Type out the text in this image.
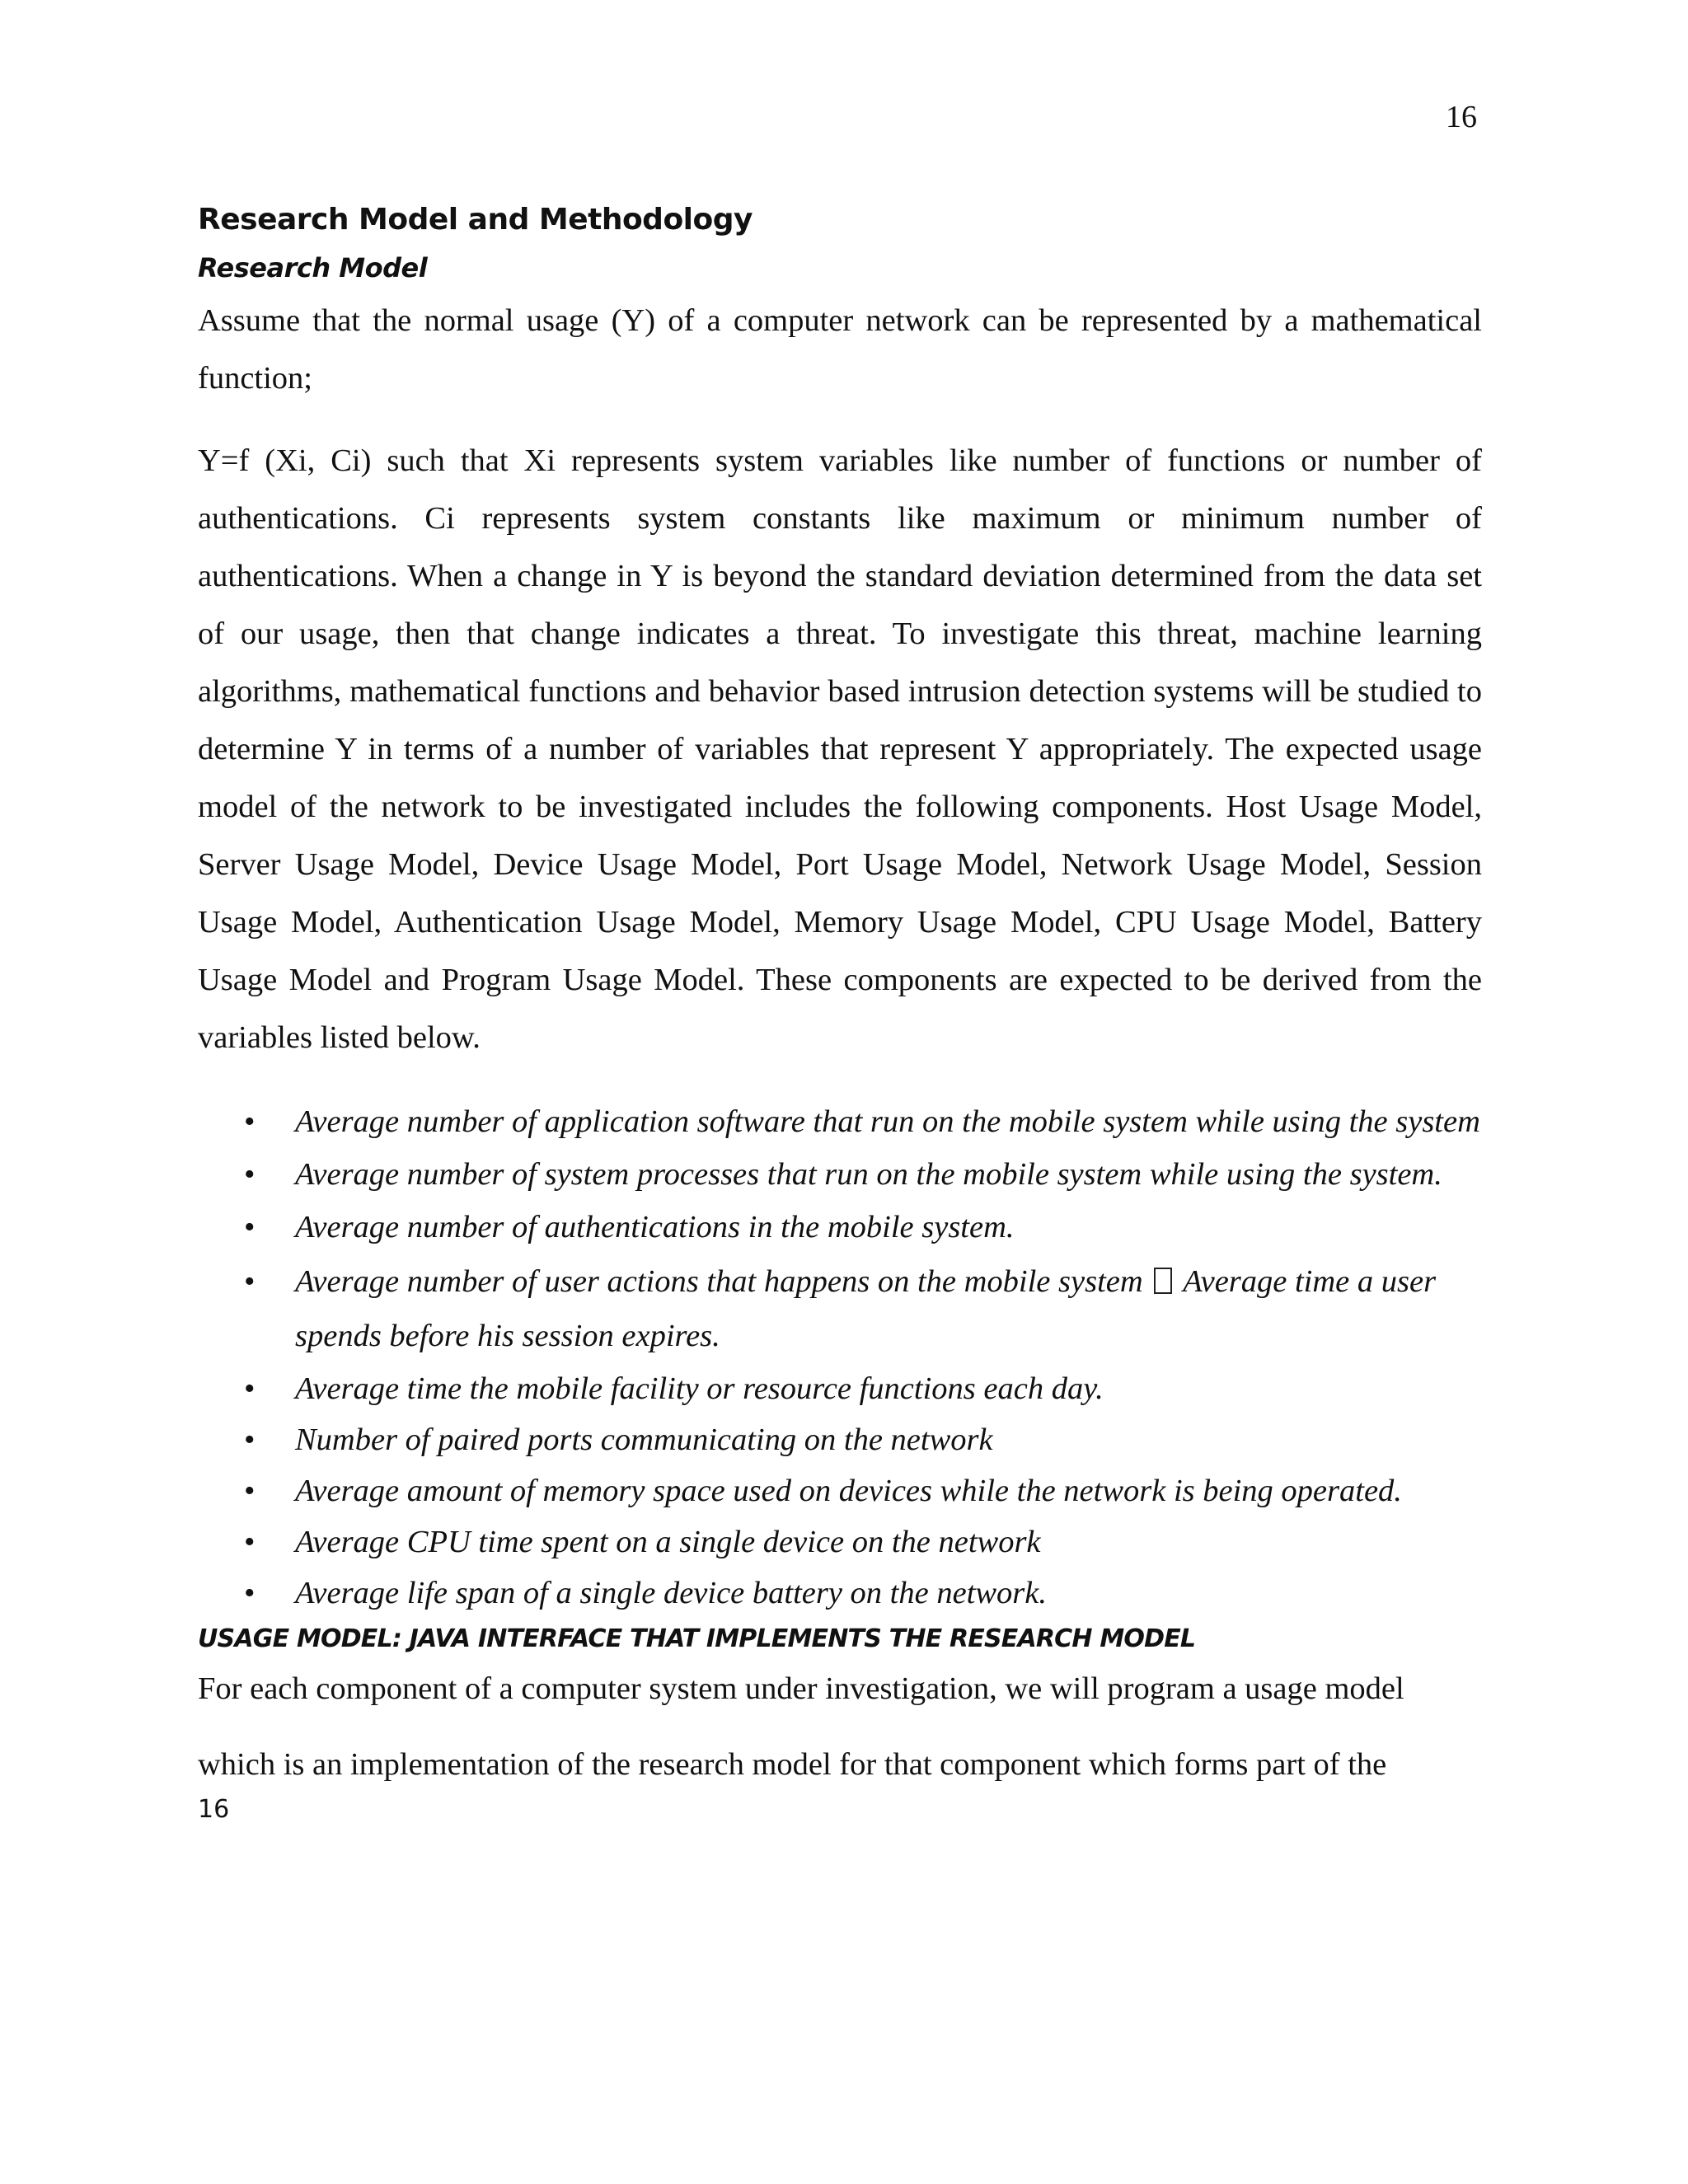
16
Research Model and Methodology
Research Model

Assume that the normal usage (Y) of a computer network can be represented by a mathematical function;

Y=f (Xi, Ci) such that Xi represents system variables like number of functions or number of authentications. Ci represents system constants like maximum or minimum number of authentications. When a change in Y is beyond the standard deviation determined from the data set of our usage, then that change indicates a threat. To investigate this threat, machine learning algorithms, mathematical functions and behavior based intrusion detection systems will be studied to determine Y in terms of a number of variables that represent Y appropriately. The expected usage model of the network to be investigated includes the following components. Host Usage Model, Server Usage Model, Device Usage Model, Port Usage Model, Network Usage Model, Session Usage Model, Authentication Usage Model, Memory Usage Model, CPU Usage Model, Battery Usage Model and Program Usage Model. These components are expected to be derived from the variables listed below.

• Average number of application software that run on the mobile system while using the system
• Average number of system processes that run on the mobile system while using the system.
• Average number of authentications in the mobile system.
• Average number of user actions that happens on the mobile system Average time a user spends before his session expires.
• Average time the mobile facility or resource functions each day.
• Number of paired ports communicating on the network
• Average amount of memory space used on devices while the network is being operated.
• Average CPU time spent on a single device on the network
• Average life span of a single device battery on the network.
USAGE MODEL: JAVA INTERFACE THAT IMPLEMENTS THE RESEARCH MODEL

For each component of a computer system under investigation, we will program a usage model

which is an implementation of the research model for that component which forms part of the

16
